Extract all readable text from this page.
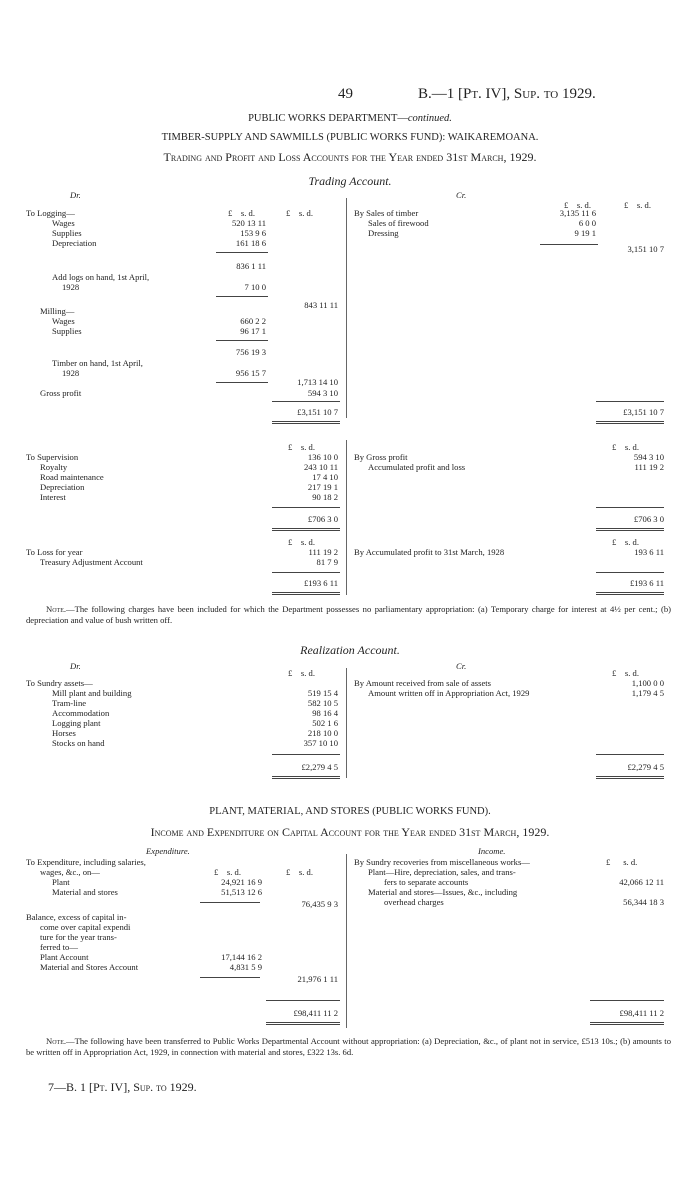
49	B.—1 [Pt. IV], Sup. to 1929.
PUBLIC WORKS DEPARTMENT—continued.
TIMBER-SUPPLY AND SAWMILLS (PUBLIC WORKS FUND): WAIKAREMOANA.
Trading and Profit and Loss Accounts for the Year ended 31st March, 1929.
Trading Account.
Dr.	Cr.
£ s. d.	£ s. d.
£ s. d.	£ s. d.
To Logging—
Wages	520 13 11
Supplies	153 9 6
Depreciation	161 18 6
836 1 11
Add logs on hand, 1st April,
1928	7 10 0
843 11 11
Milling—
Wages	660 2 2
Supplies	96 17 1
756 19 3
Timber on hand, 1st April,
1928	956 15 7
1,713 14 10
Gross profit	594 3 10
£3,151 10 7
By Sales of timber	3,135 11 6
Sales of firewood	6 0 0
Dressing	9 19 1
3,151 10 7
£3,151 10 7
£ s. d.	£ s. d.
To Supervision	136 10 0
Royalty	243 10 11
Road maintenance	17 4 10
Depreciation	217 19 1
Interest	90 18 2
£706 3 0
By Gross profit	594 3 10
Accumulated profit and loss	111 19 2
£706 3 0
£ s. d.	£ s. d.
To Loss for year	111 19 2
Treasury Adjustment Account	81 7 9
£193 6 11
By Accumulated profit to 31st March, 1928	193 6 11
£193 6 11
Note.—The following charges have been included for which the Department possesses no parliamentary appropriation: (a) Temporary charge for interest at 4½ per cent.; (b) depreciation and value of bush written off.
Realization Account.
Dr.	Cr.
£ s. d.	£ s. d.
To Sundry assets—
Mill plant and building	519 15 4
Tram-line	582 10 5
Accommodation	98 16 4
Logging plant	502 1 6
Horses	218 10 0
Stocks on hand	357 10 10
£2,279 4 5
By Amount received from sale of assets	1,100 0 0
Amount written off in Appropriation Act, 1929	1,179 4 5
£2,279 4 5
PLANT, MATERIAL, AND STORES (PUBLIC WORKS FUND).
Income and Expenditure on Capital Account for the Year ended 31st March, 1929.
Expenditure.	Income.
To Expenditure, including salaries,
wages, &c., on—	£ s. d.	£ s. d.
Plant	24,921 16 9
Material and stores	51,513 12 6
76,435 9 3
Balance, excess of capital in-
come over capital expendi
ture for the year trans-
ferred to—
Plant Account	17,144 16 2
Material and Stores Account	4,831 5 9
21,976 1 11
£98,411 11 2
By Sundry recoveries from miscellaneous works—	£ s. d.
Plant—Hire, depreciation, sales, and trans-
fers to separate accounts	42,066 12 11
Material and stores—Issues, &c., including
overhead charges	56,344 18 3
£98,411 11 2
Note.—The following have been transferred to Public Works Departmental Account without appropriation: (a) Depreciation, &c., of plant not in service, £513 10s.; (b) amounts to be written off in Appropriation Act, 1929, in connection with material and stores, £322 13s. 6d.
7—B. 1 [Pt. IV], Sup. to 1929.
